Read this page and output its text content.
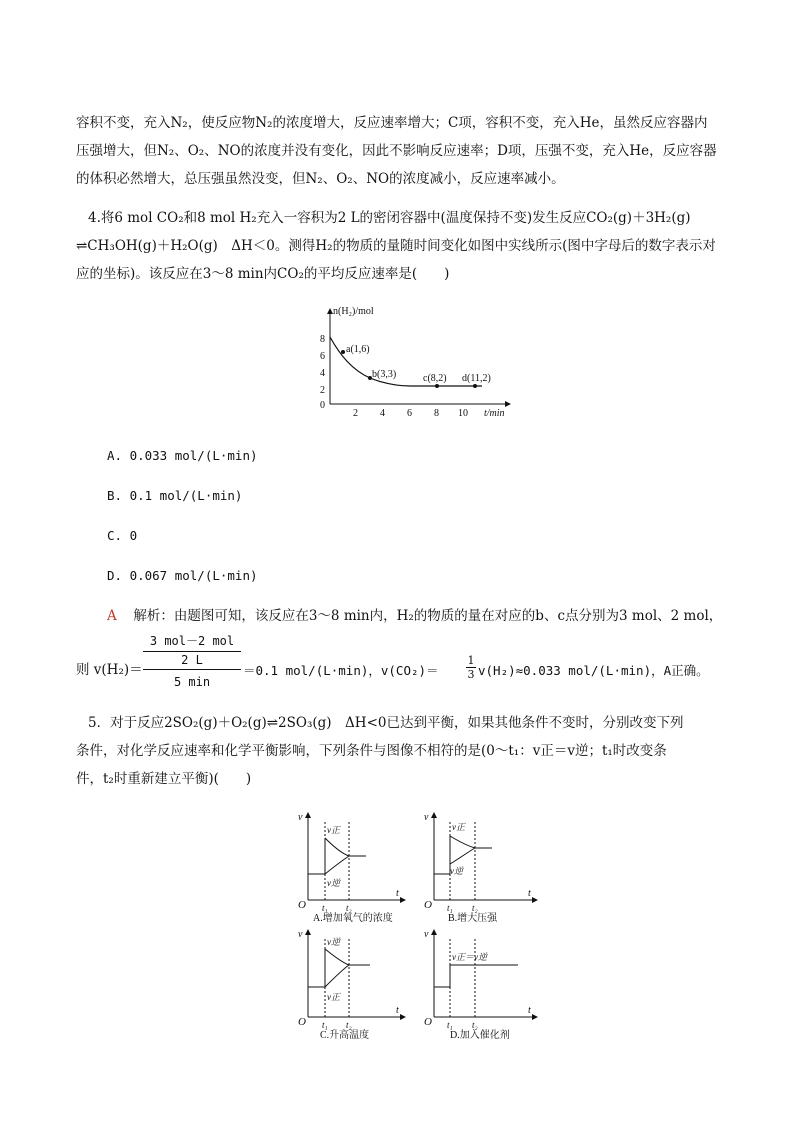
容积不变，充入N₂，使反应物N₂的浓度增大，反应速率增大；C项，容积不变，充入He，虽然反应容器内
压强增大，但N₂、O₂、NO的浓度并没有变化，因此不影响反应速率；D项，压强不变，充入He，反应容器
的体积必然增大，总压强虽然没变，但N₂、O₂、NO的浓度减小，反应速率减小。
4.将6 mol CO₂和8 mol H₂充入一容积为2 L的密闭容器中(温度保持不变)发生反应CO₂(g)＋3H₂(g)
⇌CH₃OH(g)＋H₂O(g)　ΔH＜0。测得H₂的物质的量随时间变化如图中实线所示(图中字母后的数字表示对
应的坐标)。该反应在3～8 min内CO₂的平均反应速率是(　　)
n(H₂)/mol
t/min
8
6
4
2
0
2 4 6 8 10
a(1,6)
b(3,3)	c(8,2) d(11,2)
A. 0.033 mol/(L·min)
B. 0.1 mol/(L·min)
C. 0
D. 0.067 mol/(L·min)
A 解析：由题图可知，该反应在3～8 min内，H₂的物质的量在对应的b、c点分别为3 mol、2 mol，
3 mol－2 mol
2 L
5 min
则 v(H₂)＝	＝0.1 mol/(L·min)，$v(CO_2)= \frac{1}{3} v(H_2)\approx 0.033$ mol/(L·min)，A正确。
5．对于反应2SO₂(g)＋O₂(g)⇌2SO₃(g)　ΔH<0已达到平衡，如果其他条件不变时，分别改变下列
条件，对化学反应速率和化学平衡影响，下列条件与图像不相符的是(0～t₁：v正＝v逆；t₁时改变条
件，t₂时重新建立平衡)(　　)
v
t
O
v正
v逆
t₁ t₂
A.增加氧气的浓度
v
t
O
v正
v逆
t₁ t₂
B.增大压强
v
t
O
v逆
v正
t₁ t₂
C.升高温度
v
t
O
v正＝v逆
t₁ t₂
D.加入催化剂
